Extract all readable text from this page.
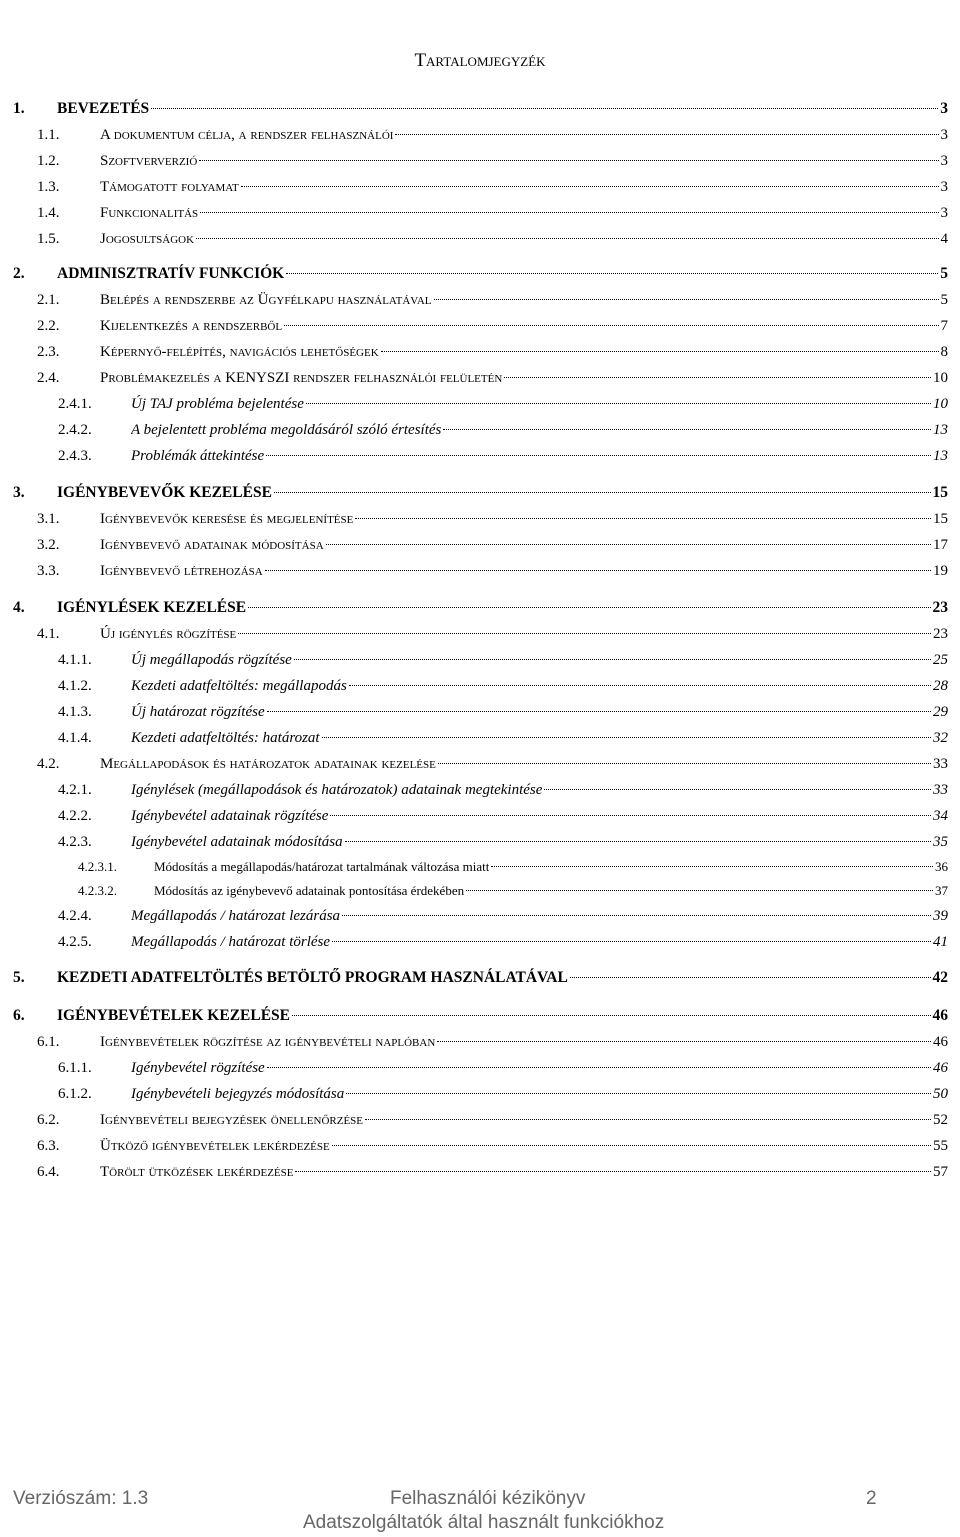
Tartalomjegyzék
1.	BEVEZETÉS	3
1.1.	A dokumentum célja, a rendszer felhasználói	3
1.2.	Szoftververzió	3
1.3.	Támogatott folyamat	3
1.4.	Funkcionalitás	3
1.5.	Jogosultságok	4
2.	ADMINISZTRATÍV FUNKCIÓK	5
2.1.	Belépés a rendszerbe az Ügyfélkapu használatával	5
2.2.	Kijelentkezés a rendszerből	7
2.3.	Képernyő-felépítés, navigációs lehetőségek	8
2.4.	Problémakezelés a KENYSZI rendszer felhasználói felületén	10
2.4.1.	Új TAJ probléma bejelentése	10
2.4.2.	A bejelentett probléma megoldásáról szóló értesítés	13
2.4.3.	Problémák áttekintése	13
3.	IGÉNYBEVEVŐK KEZELÉSE	15
3.1.	Igénybevevők keresése és megjelenítése	15
3.2.	Igénybevevő adatainak módosítása	17
3.3.	Igénybevevő létrehozása	19
4.	IGÉNYLÉSEK KEZELÉSE	23
4.1.	Új igénylés rögzítése	23
4.1.1.	Új megállapodás rögzítése	25
4.1.2.	Kezdeti adatfeltöltés: megállapodás	28
4.1.3.	Új határozat rögzítése	29
4.1.4.	Kezdeti adatfeltöltés: határozat	32
4.2.	Megállapodások és határozatok adatainak kezelése	33
4.2.1.	Igénylések (megállapodások és határozatok) adatainak megtekintése	33
4.2.2.	Igénybevétel adatainak rögzítése	34
4.2.3.	Igénybevétel adatainak módosítása	35
4.2.3.1.	Módosítás a megállapodás/határozat tartalmának változása miatt	36
4.2.3.2.	Módosítás az igénybevevő adatainak pontosítása érdekében	37
4.2.4.	Megállapodás / határozat lezárása	39
4.2.5.	Megállapodás / határozat törlése	41
5.	KEZDETI ADATFELTÖLTÉS BETÖLTŐ PROGRAM HASZNÁLATÁVAL	42
6.	IGÉNYBEVÉTELEK KEZELÉSE	46
6.1.	Igénybevételek rögzítése az igénybevételi naplóban	46
6.1.1.	Igénybevétel rögzítése	46
6.1.2.	Igénybevételi bejegyzés módosítása	50
6.2.	Igénybevételi bejegyzések önellenőrzése	52
6.3.	Ütköző igénybevételek lekérdezése	55
6.4.	Törölt ütközések lekérdezése	57
Verziószám: 1.3	Felhasználói kézikönyv	2
Adatszolgáltatók által használt funkciókhoz
